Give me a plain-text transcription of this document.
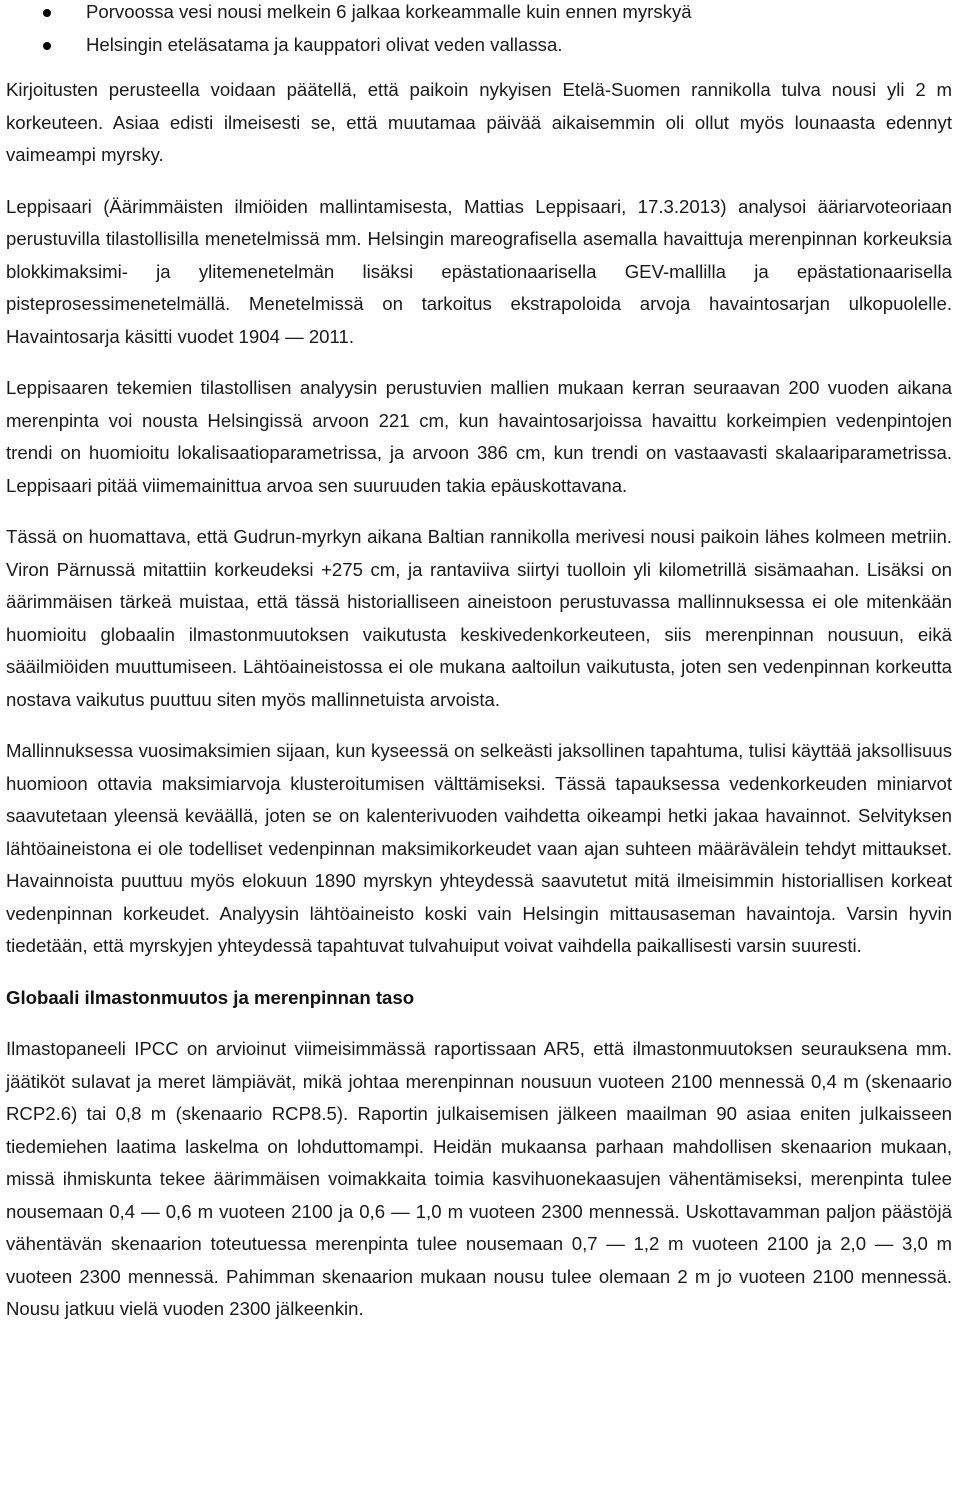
Porvoossa vesi nousi melkein 6 jalkaa korkeammalle kuin ennen myrskyä
Helsingin eteläsatama ja kauppatori olivat veden vallassa.

Kirjoitusten perusteella voidaan päätellä, että paikoin nykyisen Etelä-Suomen rannikolla tulva nousi yli 2 m korkeuteen. Asiaa edisti ilmeisesti se, että muutamaa päivää aikaisemmin oli ollut myös lounaasta edennyt vaimeampi myrsky.

Leppisaari (Äärimmäisten ilmiöiden mallintamisesta, Mattias Leppisaari, 17.3.2013) analysoi ääriarvoteoriaan perustuvilla tilastollisilla menetelmissä mm. Helsingin mareografisella asemalla havaittuja merenpinnan korkeuksia blokkimaksimi- ja ylitemenetelmän lisäksi epästationaarisella GEV-mallilla ja epästationaarisella pisteprosessimenetelmällä. Menetelmissä on tarkoitus ekstrapoloida arvoja havaintosarjan ulkopuolelle. Havaintosarja käsitti vuodet 1904 — 2011.

Leppisaaren tekemien tilastollisen analyysin perustuvien mallien mukaan kerran seuraavan 200 vuoden aikana merenpinta voi nousta Helsingissä arvoon 221 cm, kun havaintosarjoissa havaittu korkeimpien vedenpintojen trendi on huomioitu lokalisaatioparametrissa, ja arvoon 386 cm, kun trendi on vastaavasti skalaariparametrissa. Leppisaari pitää viimemainittua arvoa sen suuruuden takia epäuskottavana.

Tässä on huomattava, että Gudrun-myrkyn aikana Baltian rannikolla merivesi nousi paikoin lähes kolmeen metriin. Viron Pärnussä mitattiin korkeudeksi +275 cm, ja rantaviiva siirtyi tuolloin yli kilometrillä sisämaahan. Lisäksi on äärimmäisen tärkeä muistaa, että tässä historialliseen aineistoon perustuvassa mallinnuksessa ei ole mitenkään huomioitu globaalin ilmastonmuutoksen vaikutusta keskivedenkorkeuteen, siis merenpinnan nousuun, eikä sääilmiöiden muuttumiseen. Lähtöaineistossa ei ole mukana aaltoilun vaikutusta, joten sen vedenpinnan korkeutta nostava vaikutus puuttuu siten myös mallinnetuista arvoista.

Mallinnuksessa vuosimaksimien sijaan, kun kyseessä on selkeästi jaksollinen tapahtuma, tulisi käyttää jaksollisuus huomioon ottavia maksimiarvoja klusteroitumisen välttämiseksi. Tässä tapauksessa vedenkorkeuden miniarvot saavutetaan yleensä keväällä, joten se on kalenterivuoden vaihdetta oikeampi hetki jakaa havainnot. Selvityksen lähtöaineistona ei ole todelliset vedenpinnan maksimikorkeudet vaan ajan suhteen määrävälein tehdyt mittaukset. Havainnoista puuttuu myös elokuun 1890 myrskyn yhteydessä saavutetut mitä ilmeisimmin historiallisen korkeat vedenpinnan korkeudet. Analyysin lähtöaineisto koski vain Helsingin mittausaseman havaintoja. Varsin hyvin tiedetään, että myrskyjen yhteydessä tapahtuvat tulvahuiput voivat vaihdella paikallisesti varsin suuresti.

Globaali ilmastonmuutos ja merenpinnan taso

Ilmastopaneeli IPCC on arvioinut viimeisimmässä raportissaan AR5, että ilmastonmuutoksen seurauksena mm. jäätiköt sulavat ja meret lämpiävät, mikä johtaa merenpinnan nousuun vuoteen 2100 mennessä 0,4 m (skenaario RCP2.6) tai 0,8 m (skenaario RCP8.5). Raportin julkaisemisen jälkeen maailman 90 asiaa eniten julkaisseen tiedemiehen laatima laskelma on lohduttomampi. Heidän mukaansa parhaan mahdollisen skenaarion mukaan, missä ihmiskunta tekee äärimmäisen voimakkaita toimia kasvihuonekaasujen vähentämiseksi, merenpinta tulee nousemaan 0,4 — 0,6 m vuoteen 2100 ja 0,6 — 1,0 m vuoteen 2300 mennessä. Uskottavamman paljon päästöjä vähentävän skenaarion toteutuessa merenpinta tulee nousemaan 0,7 — 1,2 m vuoteen 2100 ja 2,0 — 3,0 m vuoteen 2300 mennessä. Pahimman skenaarion mukaan nousu tulee olemaan 2 m jo vuoteen 2100 mennessä. Nousu jatkuu vielä vuoden 2300 jälkeenkin.
